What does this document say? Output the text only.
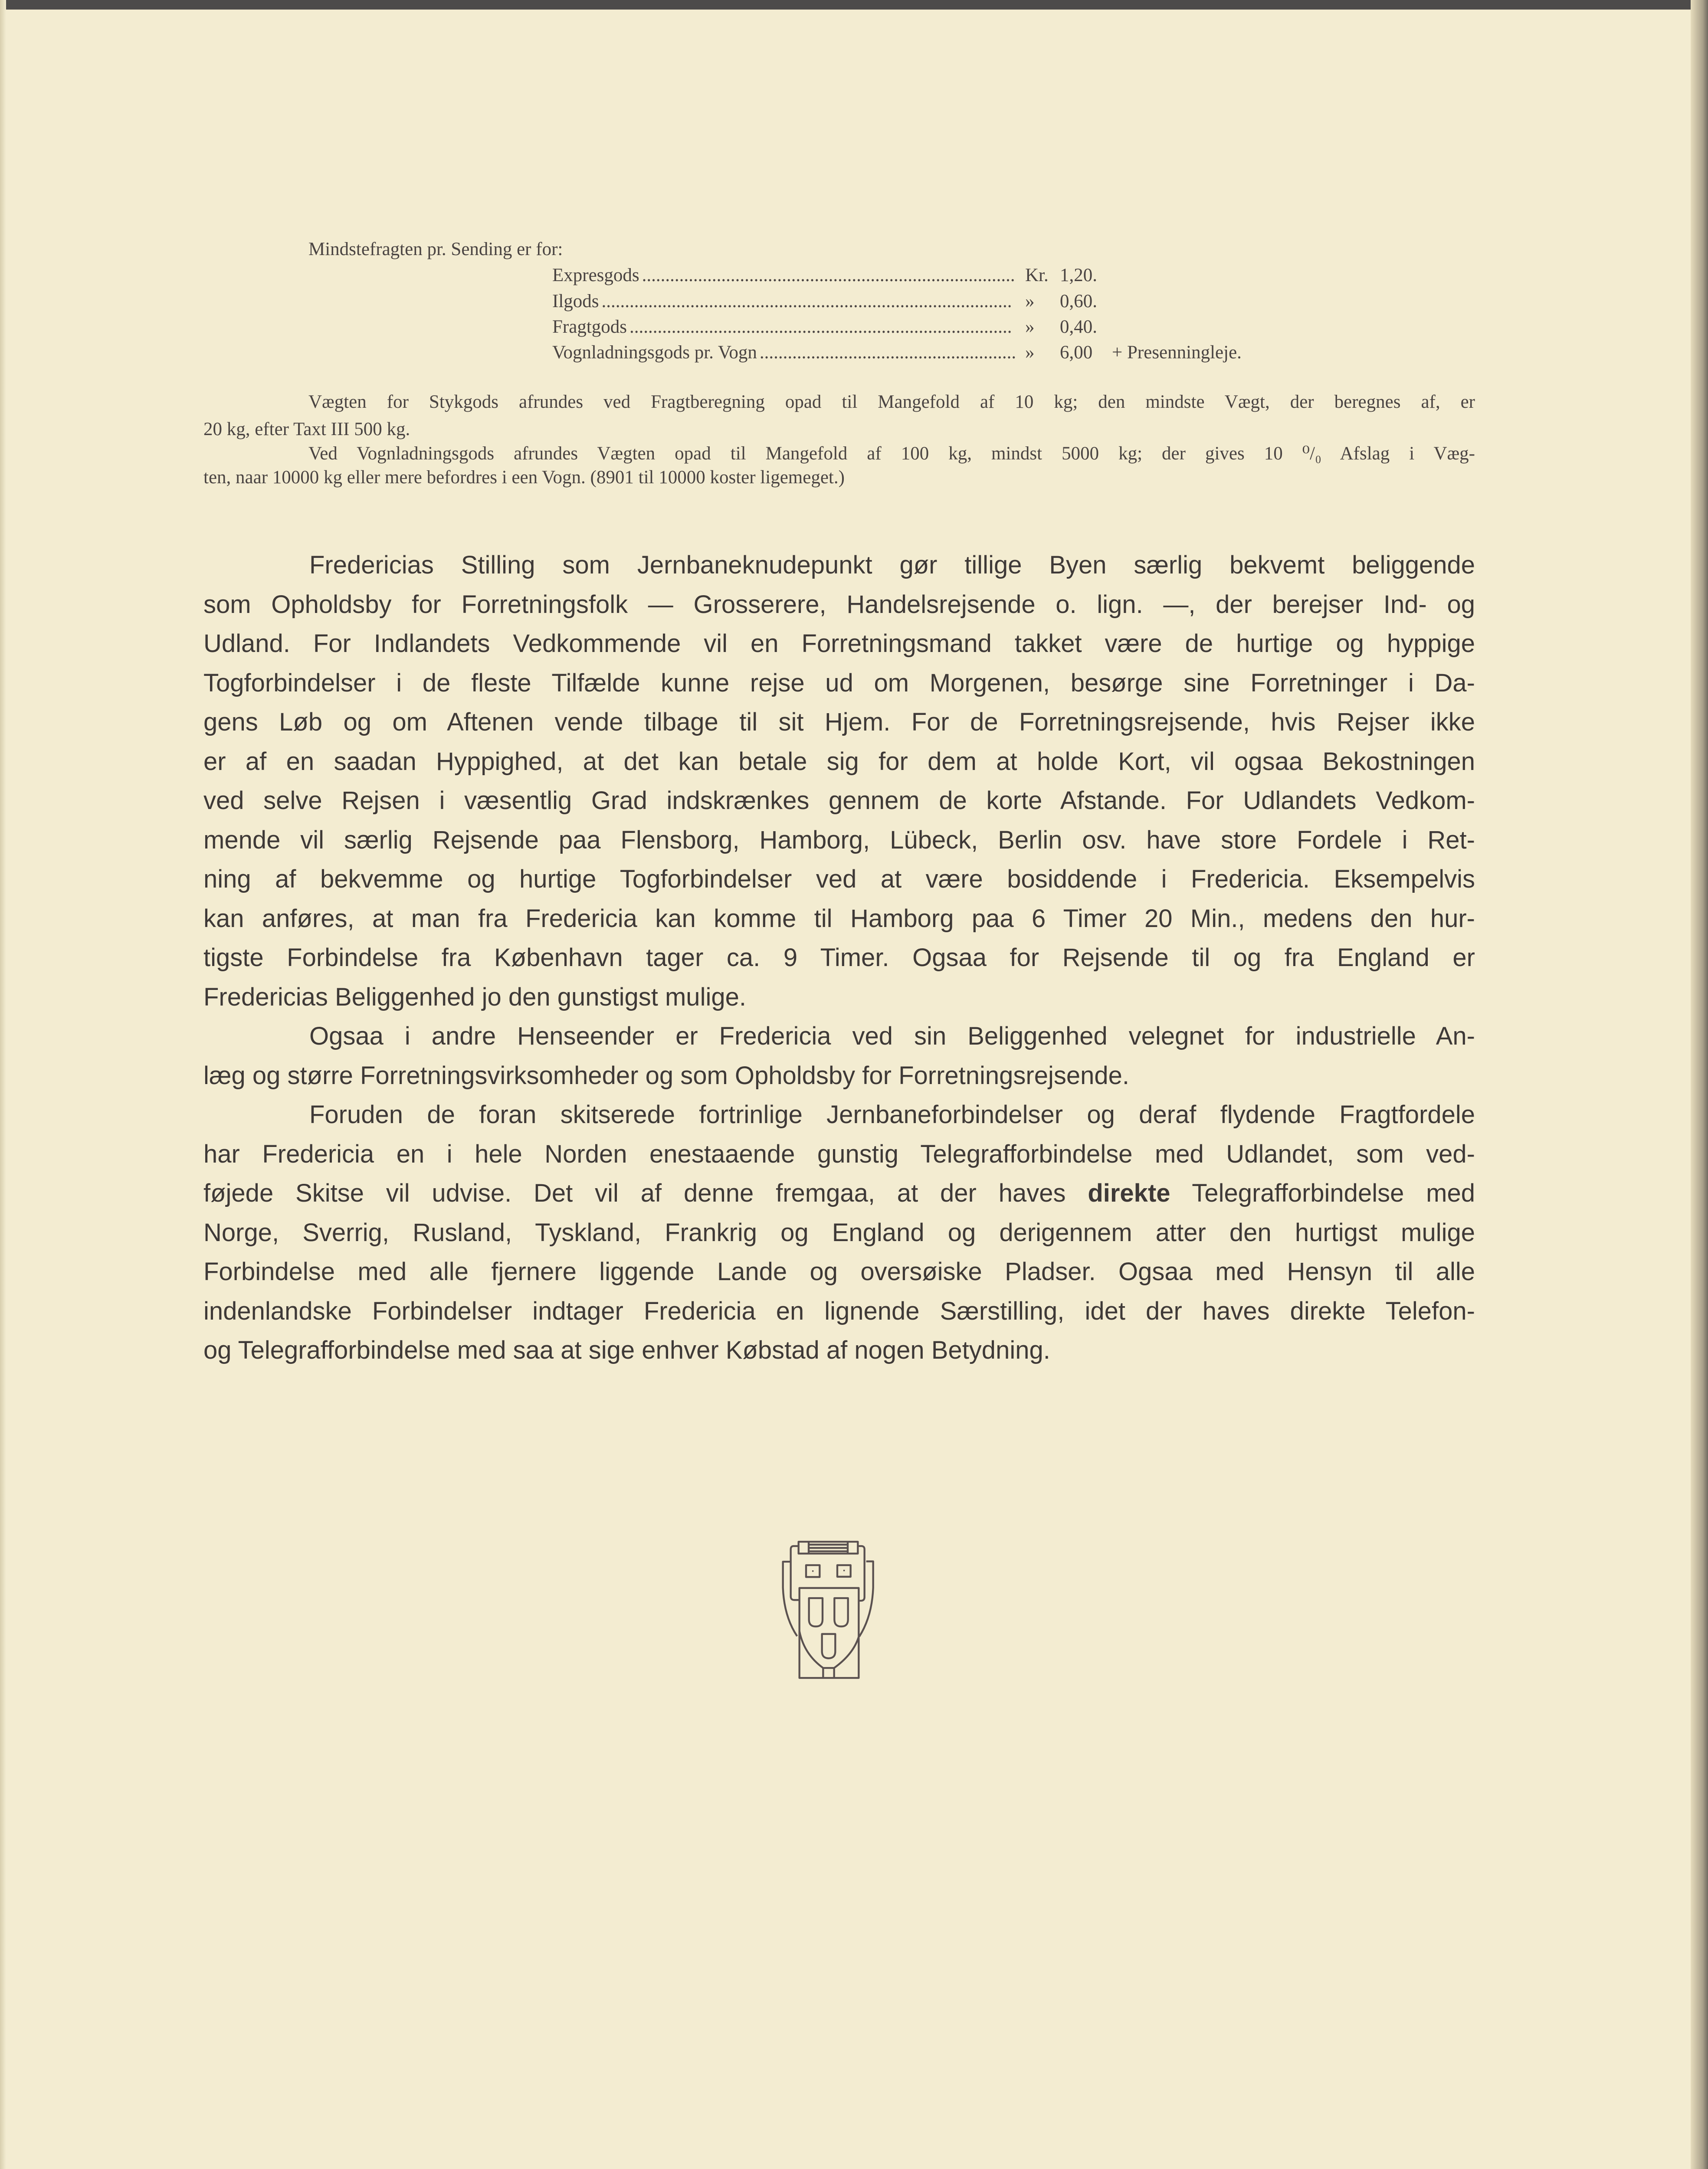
Mindstefragten pr. Sending er for:
Expresgods ................................................................................ Kr. 1,20.
Ilgods ........................................................................................ » 0,60.
Fragtgods .................................................................................. » 0,40.
Vognladningsgods pr. Vogn ....................................................... » 6,00 + Presenningleje.
Vægten for Stykgods afrundes ved Fragtberegning opad til Mangefold af 10 kg; den mindste Vægt, der beregnes af, er
20 kg, efter Taxt III 500 kg.
Ved Vognladningsgods afrundes Vægten opad til Mangefold af 100 kg, mindst 5000 kg; der gives 10 ⁰/₀ Afslag i Væg-
ten, naar 10000 kg eller mere befordres i een Vogn. (8901 til 10000 koster ligemeget.)
Fredericias Stilling som Jernbaneknudepunkt gør tillige Byen særlig bekvemt beliggende
som Opholdsby for Forretningsfolk — Grosserere, Handelsrejsende o. lign. —, der berejser Ind- og
Udland. For Indlandets Vedkommende vil en Forretningsmand takket være de hurtige og hyppige
Togforbindelser i de fleste Tilfælde kunne rejse ud om Morgenen, besørge sine Forretninger i Da-
gens Løb og om Aftenen vende tilbage til sit Hjem. For de Forretningsrejsende, hvis Rejser ikke
er af en saadan Hyppighed, at det kan betale sig for dem at holde Kort, vil ogsaa Bekostningen
ved selve Rejsen i væsentlig Grad indskrænkes gennem de korte Afstande. For Udlandets Vedkom-
mende vil særlig Rejsende paa Flensborg, Hamborg, Lübeck, Berlin osv. have store Fordele i Ret-
ning af bekvemme og hurtige Togforbindelser ved at være bosiddende i Fredericia. Eksempelvis
kan anføres, at man fra Fredericia kan komme til Hamborg paa 6 Timer 20 Min., medens den hur-
tigste Forbindelse fra København tager ca. 9 Timer. Ogsaa for Rejsende til og fra England er
Fredericias Beliggenhed jo den gunstigst mulige.
Ogsaa i andre Henseender er Fredericia ved sin Beliggenhed velegnet for industrielle An-
læg og større Forretningsvirksomheder og som Opholdsby for Forretningsrejsende.
Foruden de foran skitserede fortrinlige Jernbaneforbindelser og deraf flydende Fragtfordele
har Fredericia en i hele Norden enestaaende gunstig Telegrafforbindelse med Udlandet, som ved-
føjede Skitse vil udvise. Det vil af denne fremgaa, at der haves direkte Telegrafforbindelse med
Norge, Sverrig, Rusland, Tyskland, Frankrig og England og derigennem atter den hurtigst mulige
Forbindelse med alle fjernere liggende Lande og oversøiske Pladser. Ogsaa med Hensyn til alle
indenlandske Forbindelser indtager Fredericia en lignende Særstilling, idet der haves direkte Telefon-
og Telegrafforbindelse med saa at sige enhver Købstad af nogen Betydning.
